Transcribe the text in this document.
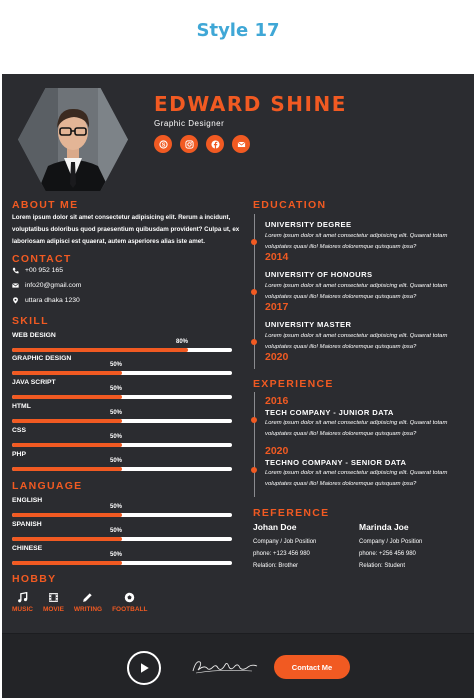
Style 17
EDWARD SHINE
Graphic Designer
S
ABOUT ME
Lorem ipsum dolor sit amet consectetur adipisicing elit. Rerum a incidunt,
voluptatibus doloribus quod praesentium quibusdam provident? Culpa ut, ex
laboriosam adipisci est quaerat, autem asperiores alias iste amet.
CONTACT
+00 952 165
info20@gmail.com
uttara dhaka 1230
SKILL
WEB DESIGN
80%
GRAPHIC DESIGN
50%
JAVA SCRIPT
50%
HTML
50%
CSS
50%
PHP
50%
LANGUAGE
ENGLISH
50%
SPANISH
50%
CHINESE
50%
HOBBY
MUSIC MOVIE WRITING FOOTBALL
EDUCATION
UNIVERSITY DEGREE
Lorem ipsum dolor sit amet consectetur adipisicing elit. Quaerat totam voluptates quasi illo! Maiores doloremque quisquam ipsa?
2014
UNIVERSITY OF HONOURS
Lorem ipsum dolor sit amet consectetur adipisicing elit. Quaerat totam voluptates quasi illo! Maiores doloremque quisquam ipsa?
2017
UNIVERSITY MASTER
Lorem ipsum dolor sit amet consectetur adipisicing elit. Quaerat totam voluptates quasi illo! Maiores doloremque quisquam ipsa?
2020
EXPERIENCE
2016
TECH COMPANY - JUNIOR DATA
Lorem ipsum dolor sit amet consectetur adipisicing elit. Quaerat totam voluptates quasi illo! Maiores doloremque quisquam ipsa?
2020
TECHNO COMPANY - SENIOR DATA
Lorem ipsum dolor sit amet consectetur adipisicing elit. Quaerat totam voluptates quasi illo! Maiores doloremque quisquam ipsa?
REFERENCE
Johan Doe
Company / Job Position
phone: +123 456 980
Relation: Brother
Marinda Joe
Company / Job Position
phone: +256 456 980
Relation: Student
Contact Me
